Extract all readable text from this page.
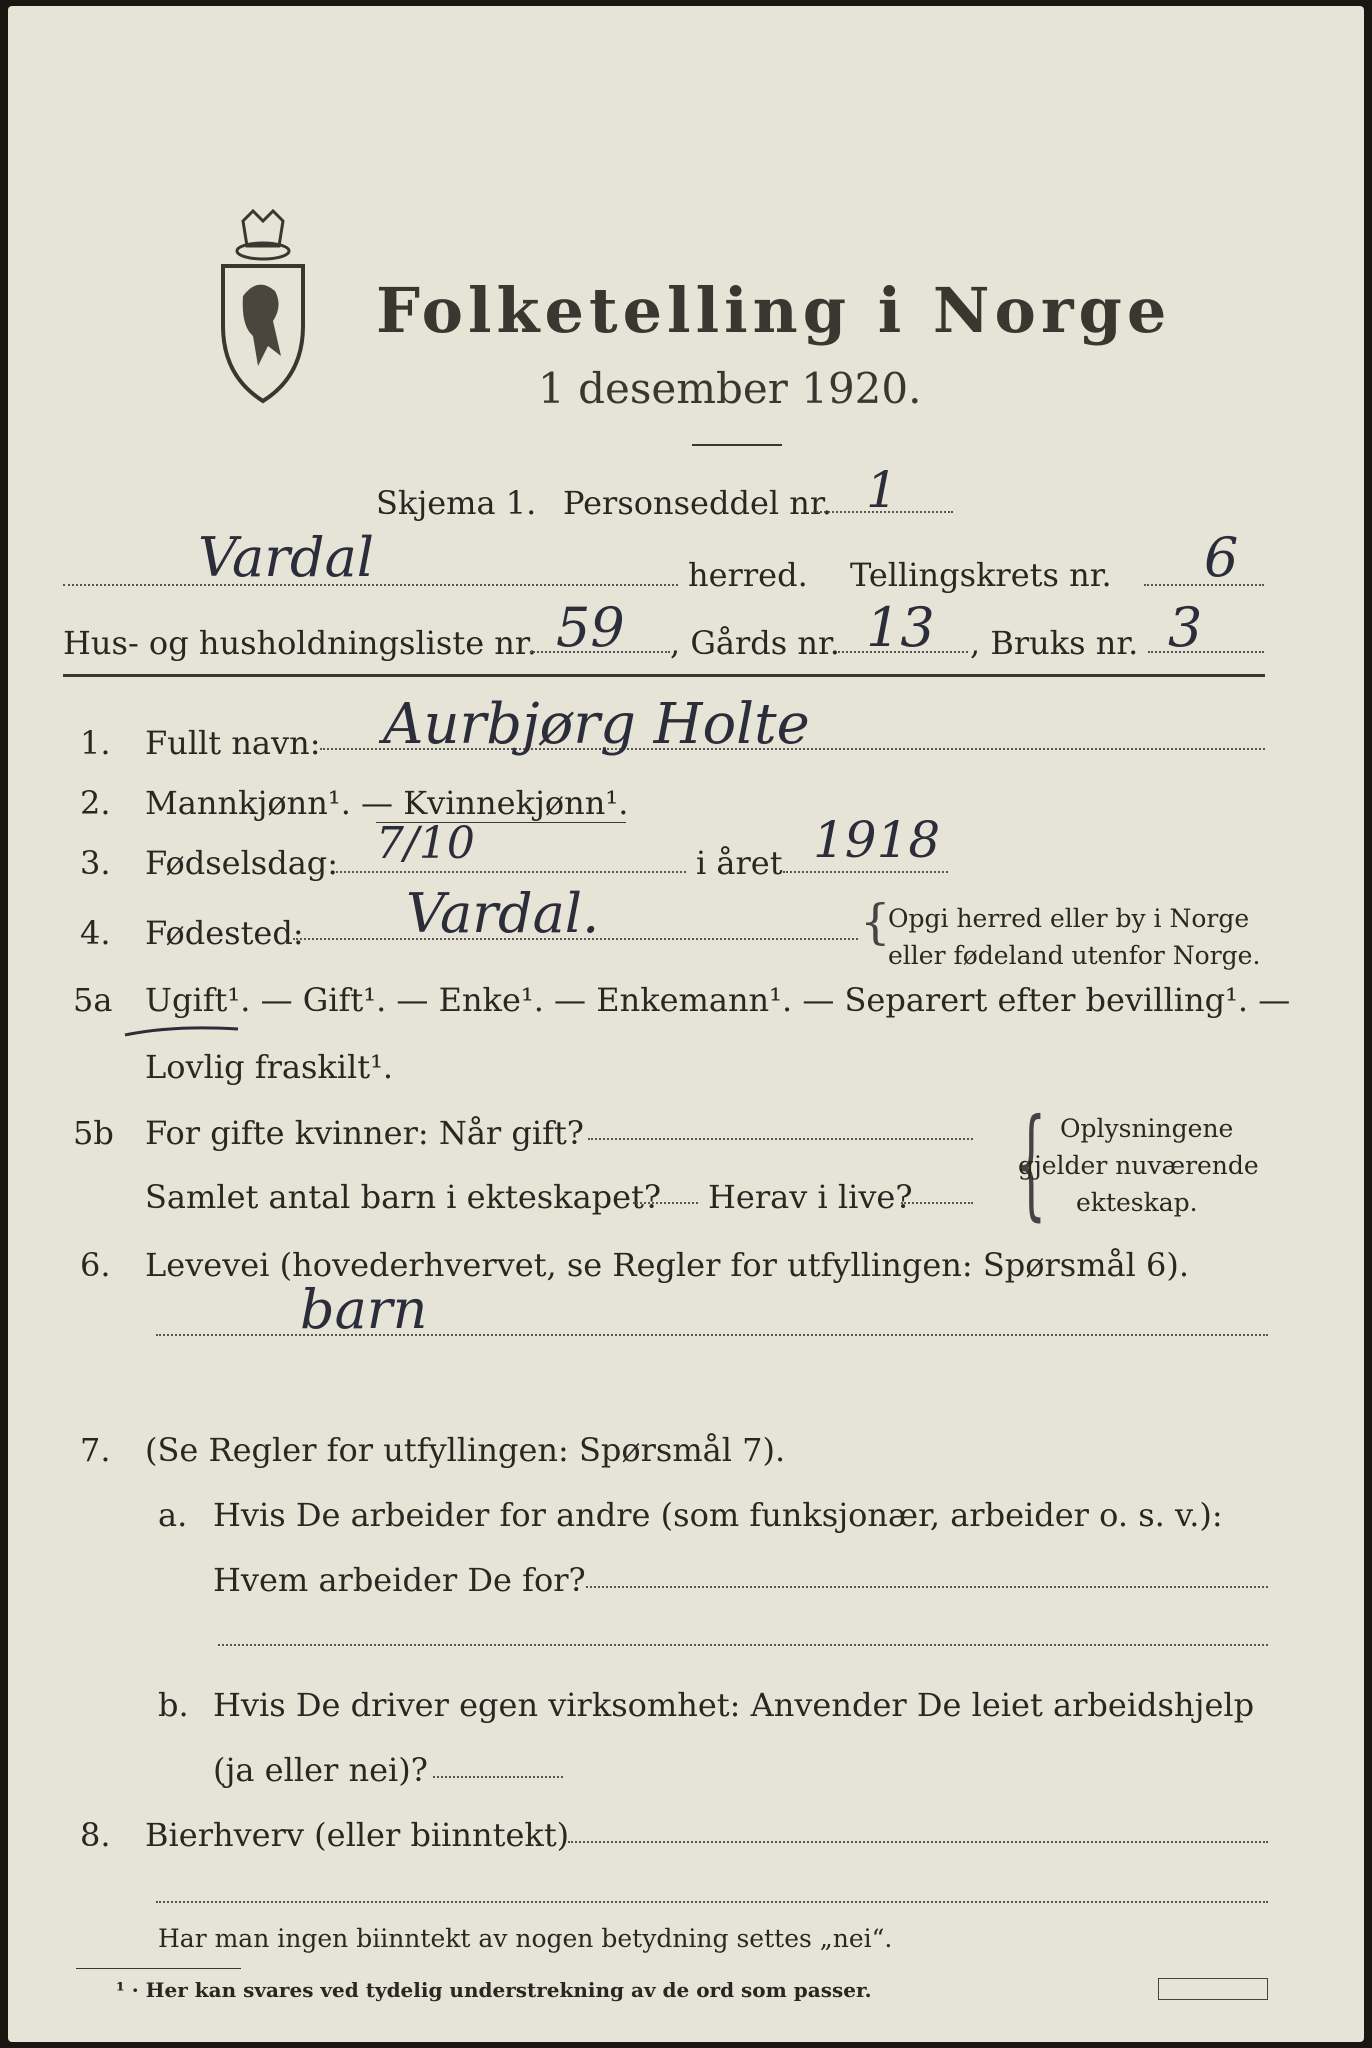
Folketelling i Norge
1 desember 1920.
Skjema 1. Personseddel nr. 1
Vardal	herred. Tellingskrets nr. 6
Hus- og husholdningsliste nr. 59 , Gårds nr. 13 , Bruks nr. 3
1. Fullt navn: Aurbjørg Holte
2. Mannkjønn¹. — Kvinnekjønn¹.
3. Fødselsdag: 7/10	i året 1918
4. Fødested: Vardal.	{
Opgi herred eller by i Norge
eller fødeland utenfor Norge.
5a Ugift¹. — Gift¹. — Enke¹. — Enkemann¹. — Separert efter bevilling¹. —
Lovlig fraskilt¹.
5b For gifte kvinner: Når gift?
Samlet antal barn i ekteskapet? Herav i live? { Oplysningene
gjelder nuværende
ekteskap.
6. Levevei (hovederhvervet, se Regler for utfyllingen: Spørsmål 6).
barn
7. (Se Regler for utfyllingen: Spørsmål 7).
a. Hvis De arbeider for andre (som funksjonær, arbeider o. s. v.):
Hvem arbeider De for?
b. Hvis De driver egen virksomhet: Anvender De leiet arbeidshjelp
(ja eller nei)?
8. Bierhverv (eller biinntekt)
Har man ingen biinntekt av nogen betydning settes „nei“.
¹ · Her kan svares ved tydelig understrekning av de ord som passer.
